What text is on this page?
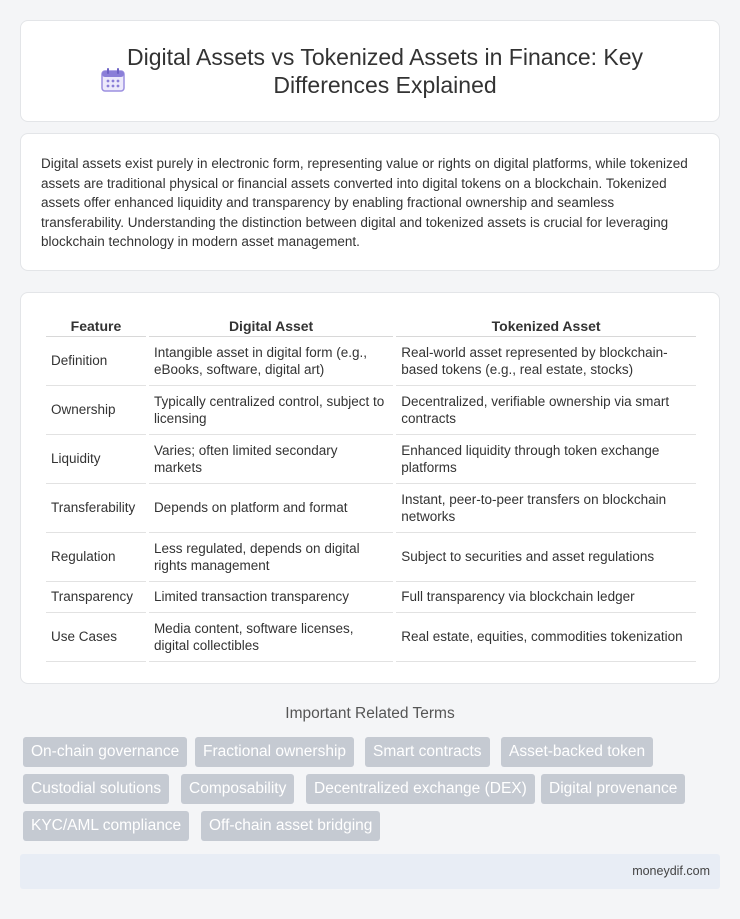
Digital Assets vs Tokenized Assets in Finance: Key Differences Explained

Digital assets exist purely in electronic form, representing value or rights on digital platforms, while tokenized assets are traditional physical or financial assets converted into digital tokens on a blockchain. Tokenized assets offer enhanced liquidity and transparency by enabling fractional ownership and seamless transferability. Understanding the distinction between digital and tokenized assets is crucial for leveraging blockchain technology in modern asset management.

Feature	Digital Asset	Tokenized Asset
Definition	Intangible asset in digital form (e.g., eBooks, software, digital art)	Real-world asset represented by blockchain-based tokens (e.g., real estate, stocks)
Ownership	Typically centralized control, subject to licensing	Decentralized, verifiable ownership via smart contracts
Liquidity	Varies; often limited secondary markets	Enhanced liquidity through token exchange platforms
Transferability	Depends on platform and format	Instant, peer-to-peer transfers on blockchain networks
Regulation	Less regulated, depends on digital rights management	Subject to securities and asset regulations
Transparency	Limited transaction transparency	Full transparency via blockchain ledger
Use Cases	Media content, software licenses, digital collectibles	Real estate, equities, commodities tokenization
Important Related Terms
On-chain governance	Fractional ownership	Smart contracts	Asset-backed token
Custodial solutions	Composability	Decentralized exchange (DEX)	Digital provenance
KYC/AML compliance	Off-chain asset bridging
moneydif.com
